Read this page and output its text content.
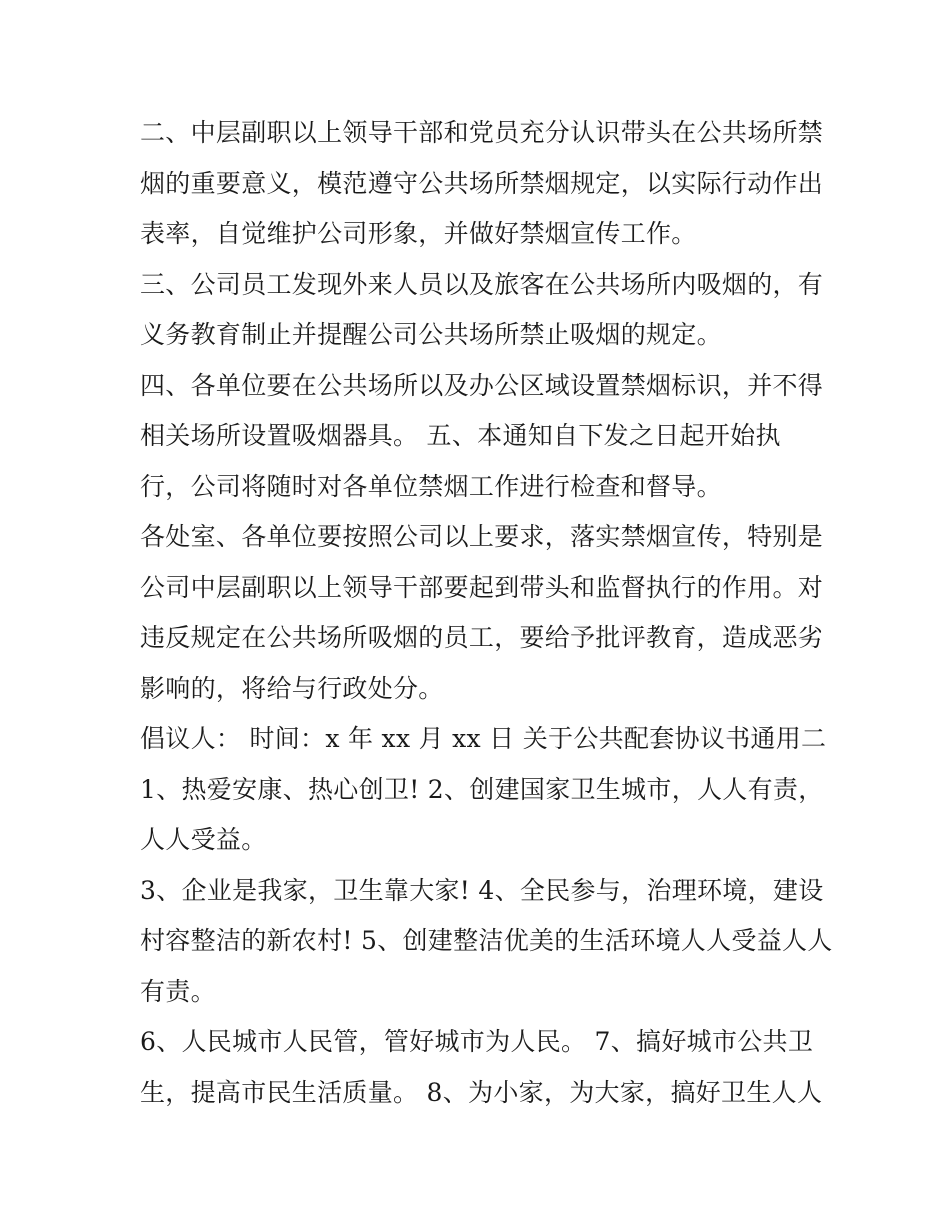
二、中层副职以上领导干部和党员充分认识带头在公共场所禁
烟的重要意义，模范遵守公共场所禁烟规定，以实际行动作出
表率，自觉维护公司形象，并做好禁烟宣传工作。
三、公司员工发现外来人员以及旅客在公共场所内吸烟的，有
义务教育制止并提醒公司公共场所禁止吸烟的规定。
四、各单位要在公共场所以及办公区域设置禁烟标识，并不得
相关场所设置吸烟器具。 五、本通知自下发之日起开始执
行，公司将随时对各单位禁烟工作进行检查和督导。
各处室、各单位要按照公司以上要求，落实禁烟宣传，特别是
公司中层副职以上领导干部要起到带头和监督执行的作用。对
违反规定在公共场所吸烟的员工，要给予批评教育，造成恶劣
影响的，将给与行政处分。
倡议人： 时间：x 年 xx 月 xx 日 关于公共配套协议书通用二
1、热爱安康、热心创卫! 2、创建国家卫生城市，人人有责，
人人受益。
3、企业是我家，卫生靠大家! 4、全民参与，治理环境，建设
村容整洁的新农村! 5、创建整洁优美的生活环境人人受益人人
有责。
6、人民城市人民管，管好城市为人民。 7、搞好城市公共卫
生，提高市民生活质量。 8、为小家，为大家，搞好卫生人人
